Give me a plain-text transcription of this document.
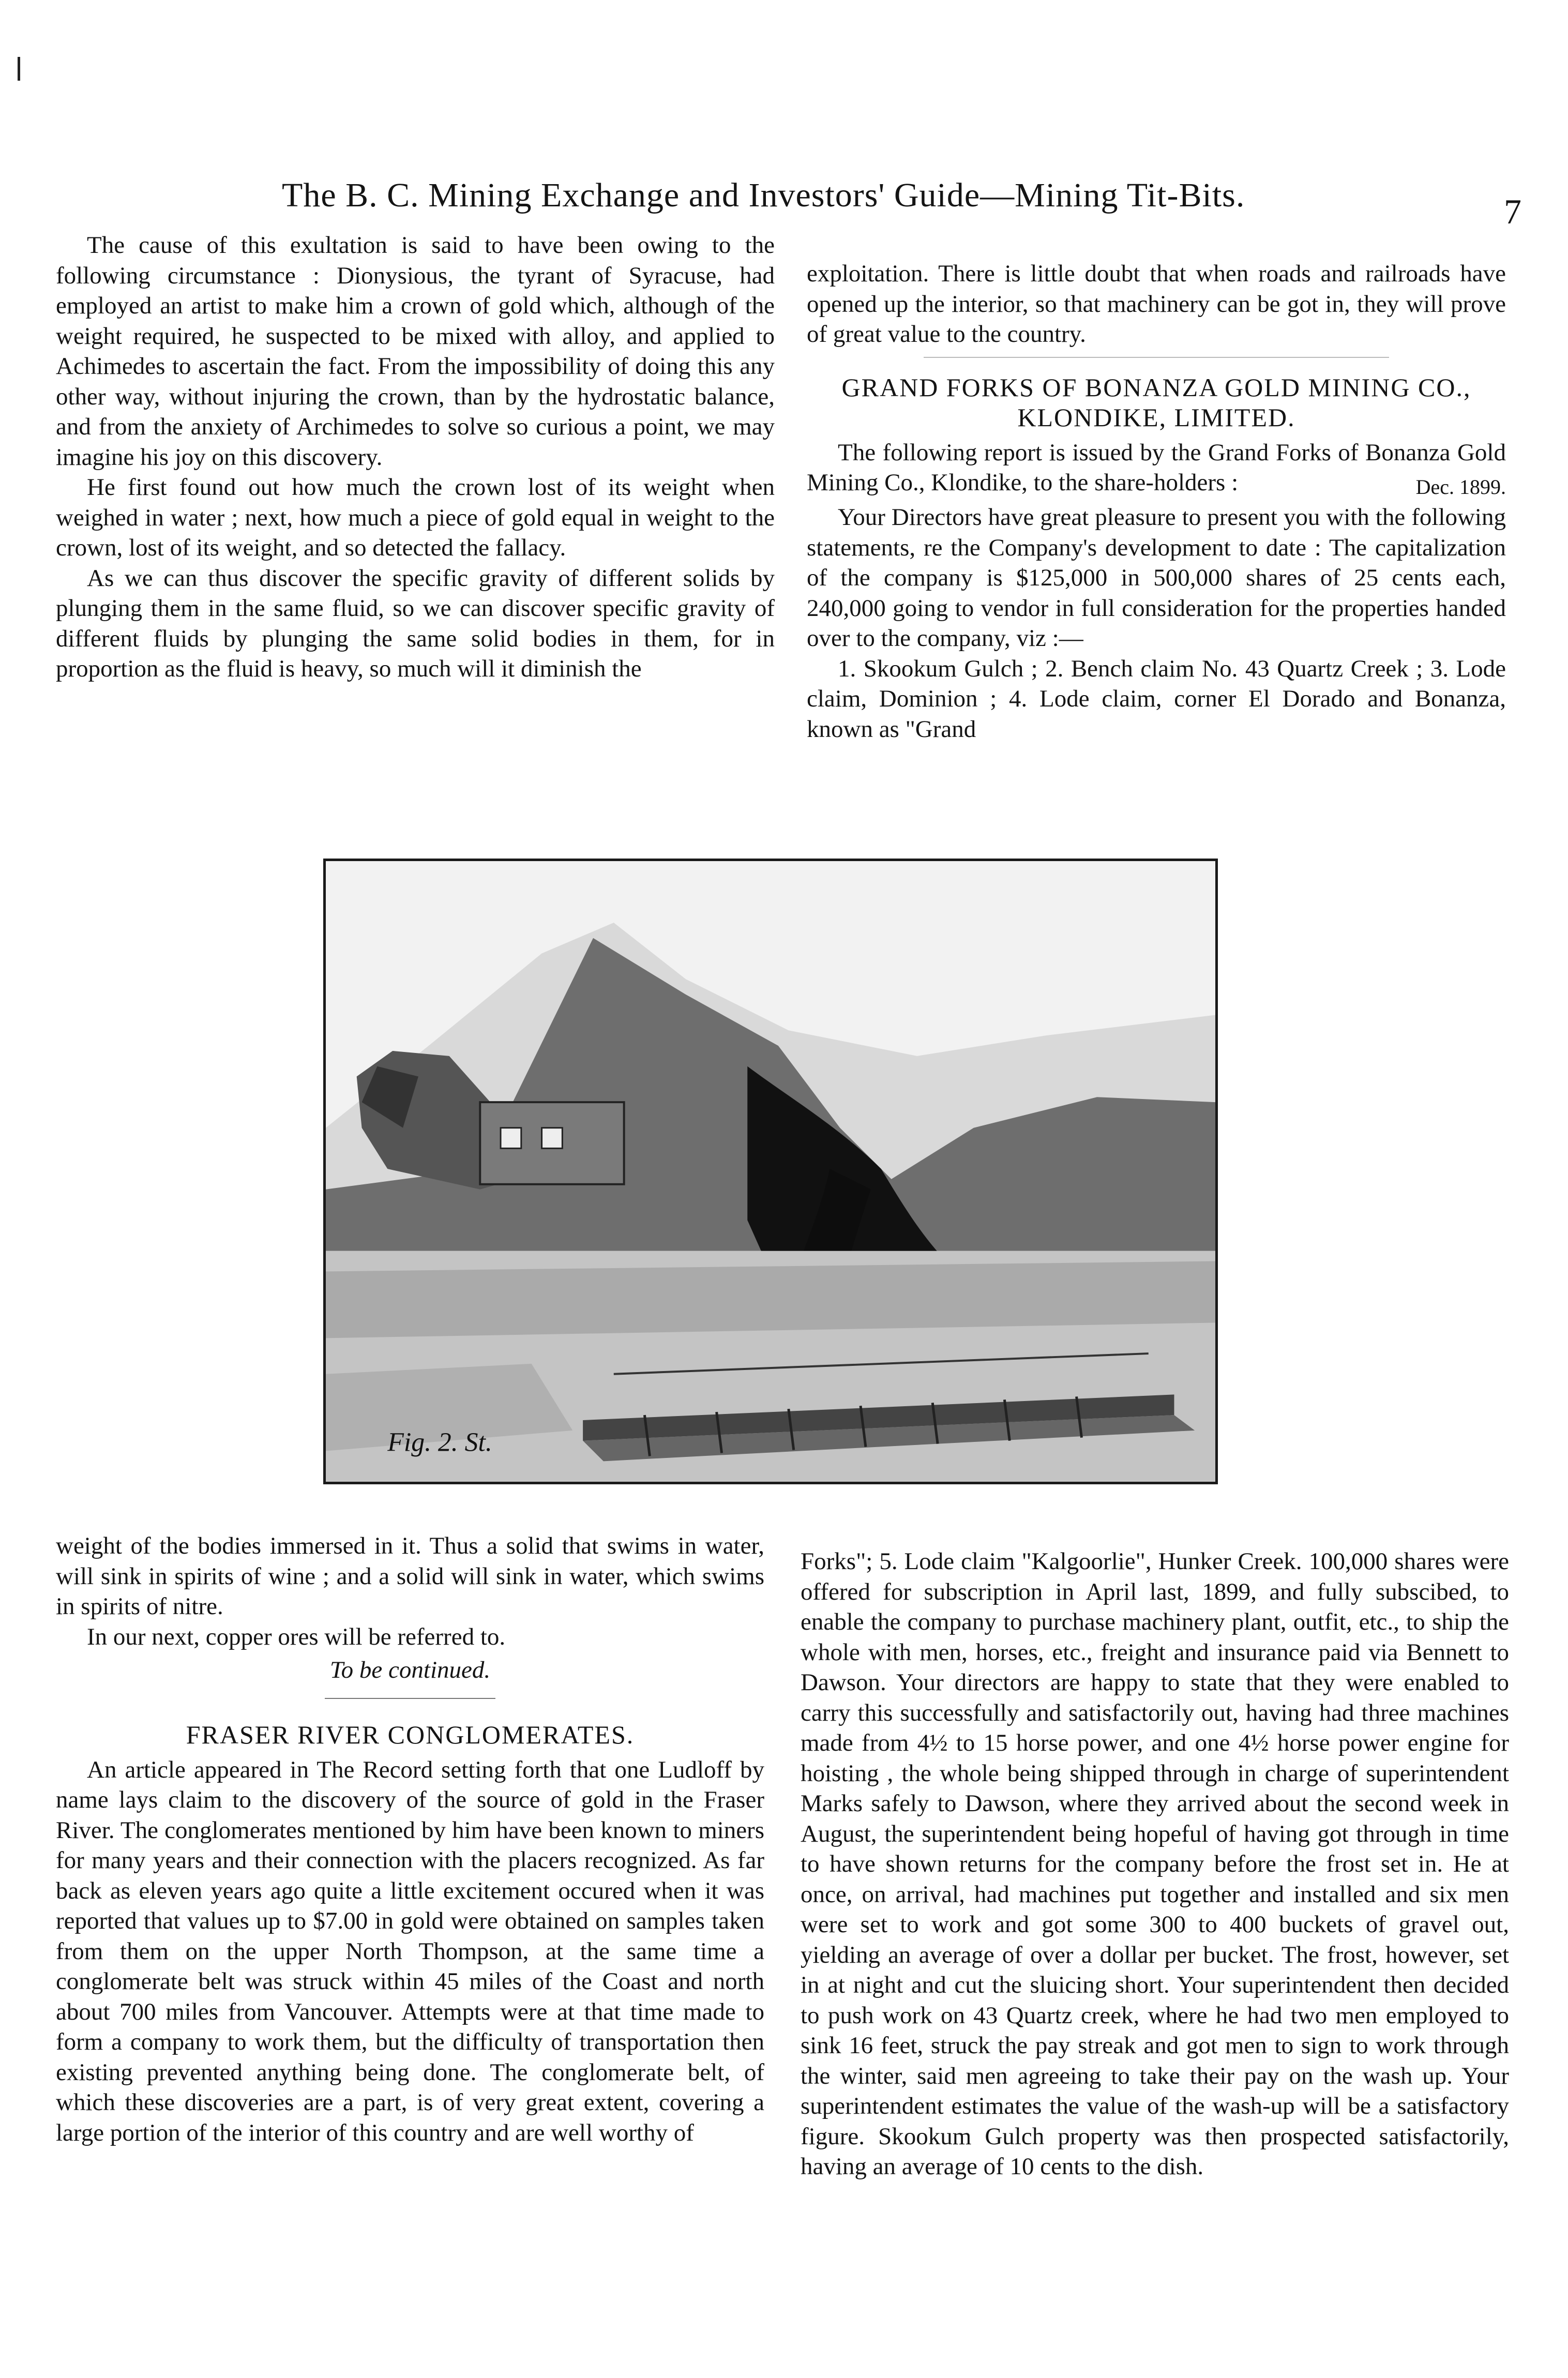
The B. C. Mining Exchange and Investors' Guide—Mining Tit-Bits.	7

The cause of this exultation is said to have been owing to the following circumstance : Dionysious, the tyrant of Syracuse, had employed an artist to make him a crown of gold which, although of the weight required, he suspected to be mixed with alloy, and applied to Achimedes to ascertain the fact. From the impossibility of doing this any other way, without injuring the crown, than by the hydrostatic balance, and from the anxiety of Archimedes to solve so curious a point, we may imagine his joy on this discovery.

He first found out how much the crown lost of its weight when weighed in water ; next, how much a piece of gold equal in weight to the crown, lost of its weight, and so detected the fallacy.

As we can thus discover the specific gravity of different solids by plunging them in the same fluid, so we can discover specific gravity of different fluids by plunging the same solid bodies in them, for in proportion as the fluid is heavy, so much will it diminish the

exploitation. There is little doubt that when roads and railroads have opened up the interior, so that machinery can be got in, they will prove of great value to the country.

GRAND FORKS OF BONANZA GOLD MINING CO., KLONDIKE, LIMITED.

The following report is issued by the Grand Forks of Bonanza Gold Mining Co., Klondike, to the share-holders :	Dec. 1899.

Your Directors have great pleasure to present you with the following statements, re the Company's development to date : The capitalization of the company is $125,000 in 500,000 shares of 25 cents each, 240,000 going to vendor in full consideration for the properties handed over to the company, viz :—

1. Skookum Gulch ; 2. Bench claim No. 43 Quartz Creek ; 3. Lode claim, Dominion ; 4. Lode claim, corner El Dorado and Bonanza, known as "Grand

Fig. 2. St.

weight of the bodies immersed in it. Thus a solid that swims in water, will sink in spirits of wine ; and a solid will sink in water, which swims in spirits of nitre.

In our next, copper ores will be referred to.

To be continued.
FRASER RIVER CONGLOMERATES.

An article appeared in The Record setting forth that one Ludloff by name lays claim to the discovery of the source of gold in the Fraser River. The conglomerates mentioned by him have been known to miners for many years and their connection with the placers recognized. As far back as eleven years ago quite a little excitement occured when it was reported that values up to $7.00 in gold were obtained on samples taken from them on the upper North Thompson, at the same time a conglomerate belt was struck within 45 miles of the Coast and north about 700 miles from Vancouver. Attempts were at that time made to form a company to work them, but the difficulty of transportation then existing prevented anything being done. The conglomerate belt, of which these discoveries are a part, is of very great extent, covering a large portion of the interior of this country and are well worthy of

Forks"; 5. Lode claim "Kalgoorlie", Hunker Creek. 100,000 shares were offered for subscription in April last, 1899, and fully subscibed, to enable the company to purchase machinery plant, outfit, etc., to ship the whole with men, horses, etc., freight and insurance paid via Bennett to Dawson. Your directors are happy to state that they were enabled to carry this successfully and satisfactorily out, having had three machines made from 4½ to 15 horse power, and one 4½ horse power engine for hoisting , the whole being shipped through in charge of superintendent Marks safely to Dawson, where they arrived about the second week in August, the superintendent being hopeful of having got through in time to have shown returns for the company before the frost set in. He at once, on arrival, had machines put together and installed and six men were set to work and got some 300 to 400 buckets of gravel out, yielding an average of over a dollar per bucket. The frost, however, set in at night and cut the sluicing short. Your superintendent then decided to push work on 43 Quartz creek, where he had two men employed to sink 16 feet, struck the pay streak and got men to sign to work through the winter, said men agreeing to take their pay on the wash up. Your superintendent estimates the value of the wash-up will be a satisfactory figure. Skookum Gulch property was then prospected satisfactorily, having an average of 10 cents to the dish.
